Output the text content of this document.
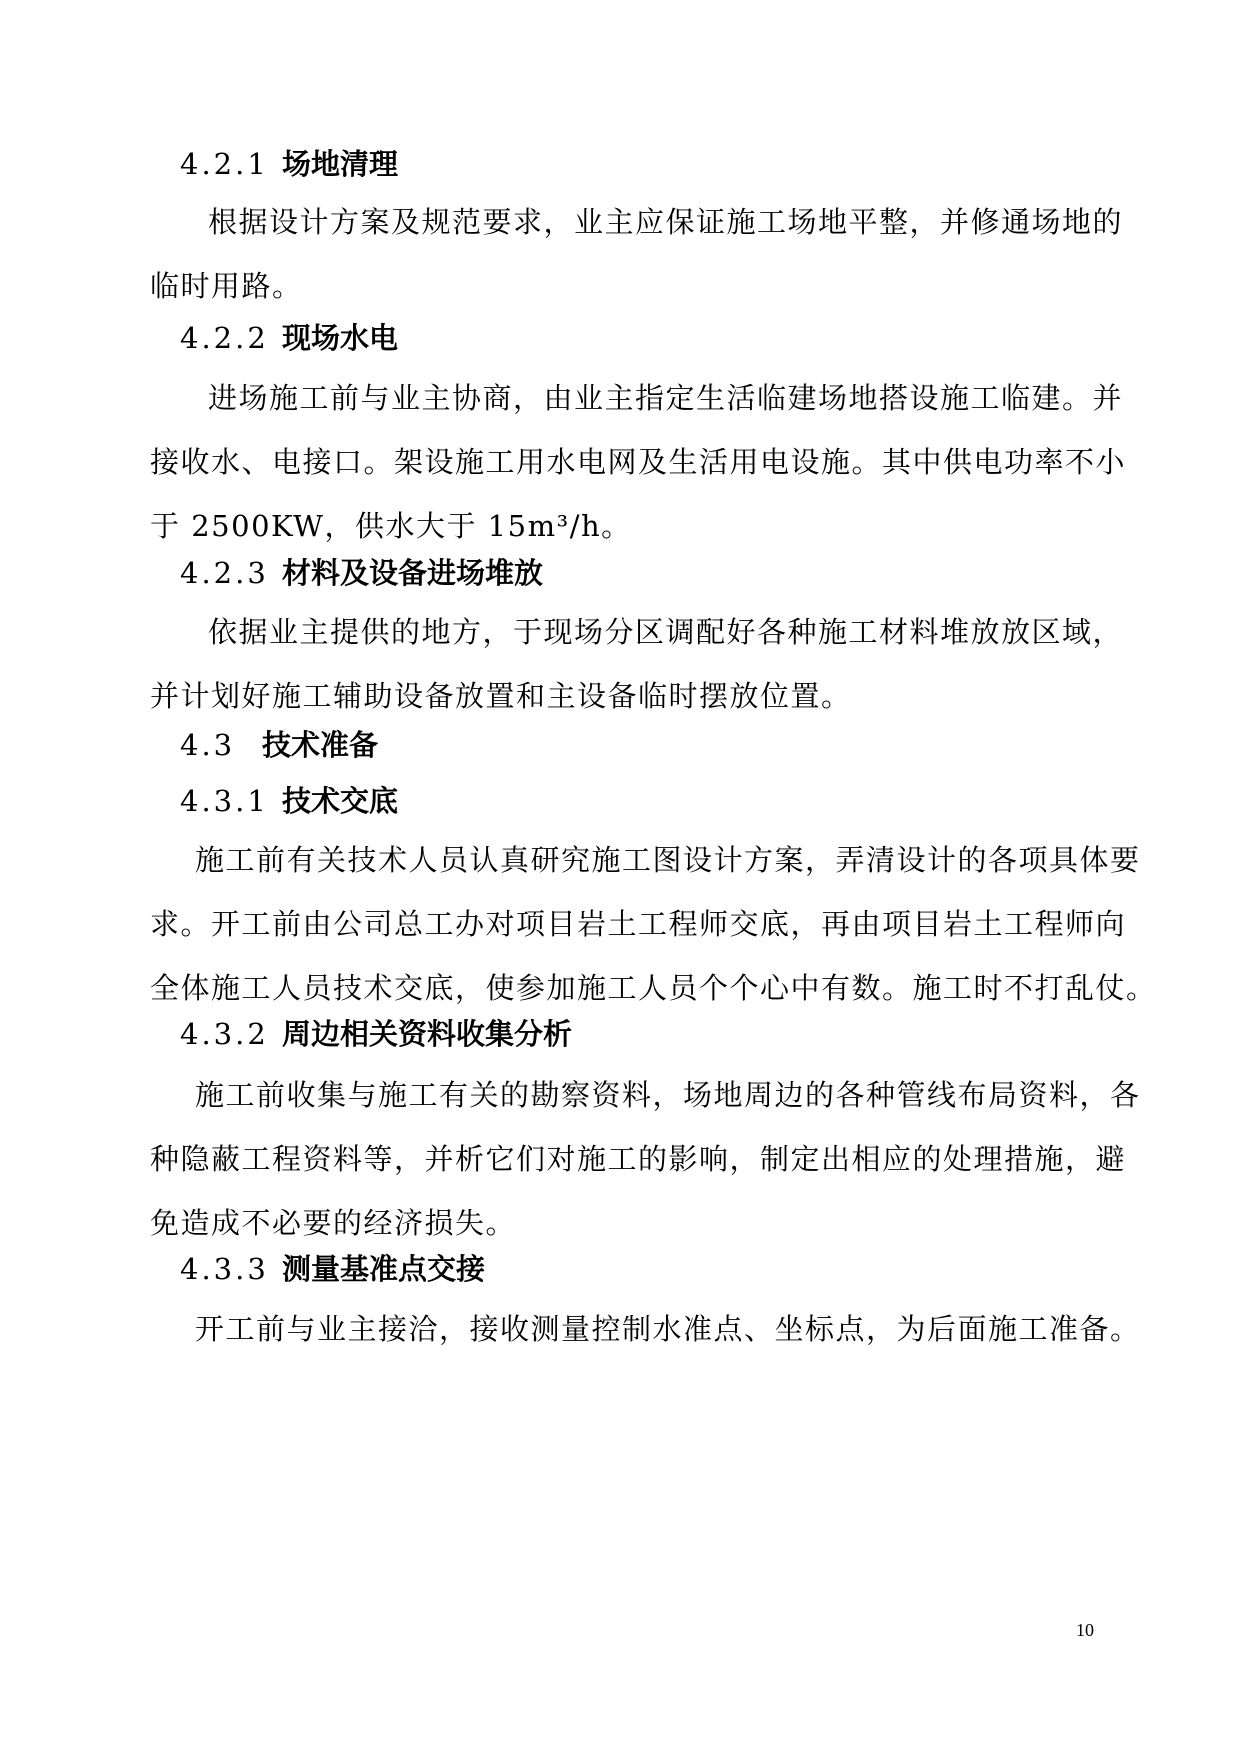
4.2.1 场地清理
根据设计方案及规范要求，业主应保证施工场地平整，并修通场地的
临时用路。
4.2.2 现场水电
进场施工前与业主协商，由业主指定生活临建场地搭设施工临建。并
接收水、电接口。架设施工用水电网及生活用电设施。其中供电功率不小
于 2500KW，供水大于 15m³/h。
4.2.3 材料及设备进场堆放
依据业主提供的地方，于现场分区调配好各种施工材料堆放放区域，
并计划好施工辅助设备放置和主设备临时摆放位置。
4.3 技术准备
4.3.1 技术交底
施工前有关技术人员认真研究施工图设计方案，弄清设计的各项具体要
求。开工前由公司总工办对项目岩土工程师交底，再由项目岩土工程师向
全体施工人员技术交底，使参加施工人员个个心中有数。施工时不打乱仗。
4.3.2 周边相关资料收集分析
施工前收集与施工有关的勘察资料，场地周边的各种管线布局资料，各
种隐蔽工程资料等，并析它们对施工的影响，制定出相应的处理措施，避
免造成不必要的经济损失。
4.3.3 测量基准点交接
开工前与业主接洽，接收测量控制水准点、坐标点，为后面施工准备。
10
